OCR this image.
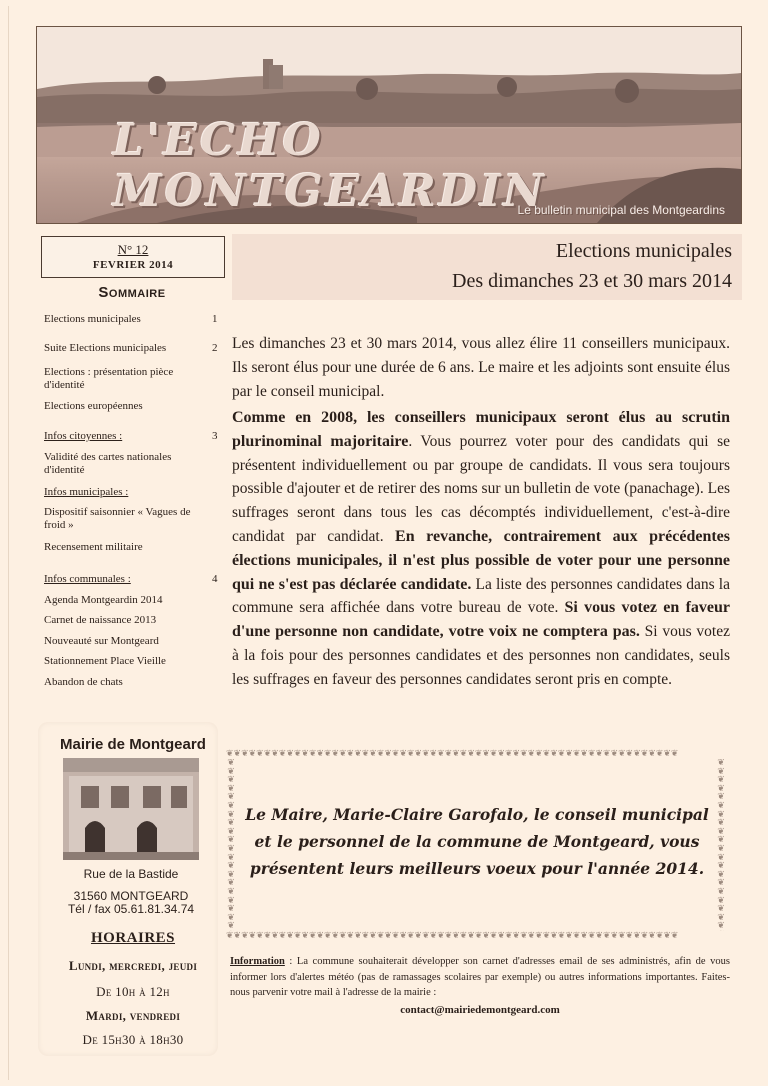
L'ECHO MONTGEARDIN
Le bulletin municipal des Montgeardins
N° 12
FEVRIER 2014
Sommaire
Elections municipales	1
Suite Elections municipales	2
Elections : présentation pièce d'identité
Elections européennes
Infos citoyennes :	3
Validité des cartes nationales d'identité
Infos municipales :
Dispositif saisonnier « Vagues de froid »
Recensement militaire
Infos communales :	4
Agenda Montgeardin 2014
Carnet de naissance 2013
Nouveauté sur Montgeard
Stationnement Place Vieille
Abandon de chats
Mairie de Montgeard
Rue de la Bastide
31560 MONTGEARD
Tél / fax 05.61.81.34.74
HORAIRES
Lundi, mercredi, jeudi
De 10h à 12h
Mardi, vendredi
De 15h30 à 18h30
Elections municipales
Des dimanches 23 et 30 mars 2014
Les dimanches 23 et 30 mars 2014, vous allez élire 11 conseillers municipaux. Ils seront élus pour une durée de 6 ans. Le maire et les adjoints sont ensuite élus par le conseil municipal.
Comme en 2008, les conseillers municipaux seront élus au scrutin plurinominal majoritaire. Vous pourrez voter pour des candidats qui se présentent individuellement ou par groupe de candidats. Il vous sera toujours possible d'ajouter et de retirer des noms sur un bulletin de vote (panachage). Les suffrages seront dans tous les cas décomptés individuellement, c'est-à-dire candidat par candidat. En revanche, contrairement aux précédentes élections municipales, il n'est plus possible de voter pour une personne qui ne s'est pas déclarée candidate. La liste des personnes candidates dans la commune sera affichée dans votre bureau de vote. Si vous votez en faveur d'une personne non candidate, votre voix ne comptera pas. Si vous votez à la fois pour des personnes candidates et des personnes non candidates, seuls les suffrages en faveur des personnes candidates seront pris en compte.
❦❦❦❦❦❦❦❦❦❦❦❦❦❦❦❦❦❦❦❦❦❦❦❦❦❦❦❦❦❦❦❦❦❦❦❦❦❦❦❦❦❦❦❦❦❦❦❦❦❦❦❦❦❦❦❦❦❦❦❦
❦❦❦❦❦❦❦❦❦❦❦❦❦❦❦❦❦❦❦❦
❦❦❦❦❦❦❦❦❦❦❦❦❦❦❦❦❦❦❦❦
❦❦❦❦❦❦❦❦❦❦❦❦❦❦❦❦❦❦❦❦❦❦❦❦❦❦❦❦❦❦❦❦❦❦❦❦❦❦❦❦❦❦❦❦❦❦❦❦❦❦❦❦❦❦❦❦❦❦❦❦
Le Maire, Marie-Claire Garofalo, le conseil municipal et le personnel de la commune de Montgeard, vous présentent leurs meilleurs voeux pour l'année 2014.
Information : La commune souhaiterait développer son carnet d'adresses email de ses administrés, afin de vous informer lors d'alertes météo (pas de ramassages scolaires par exemple) ou autres informations importantes. Faites-nous parvenir votre mail à l'adresse de la mairie :
contact@mairiedemontgeard.com
